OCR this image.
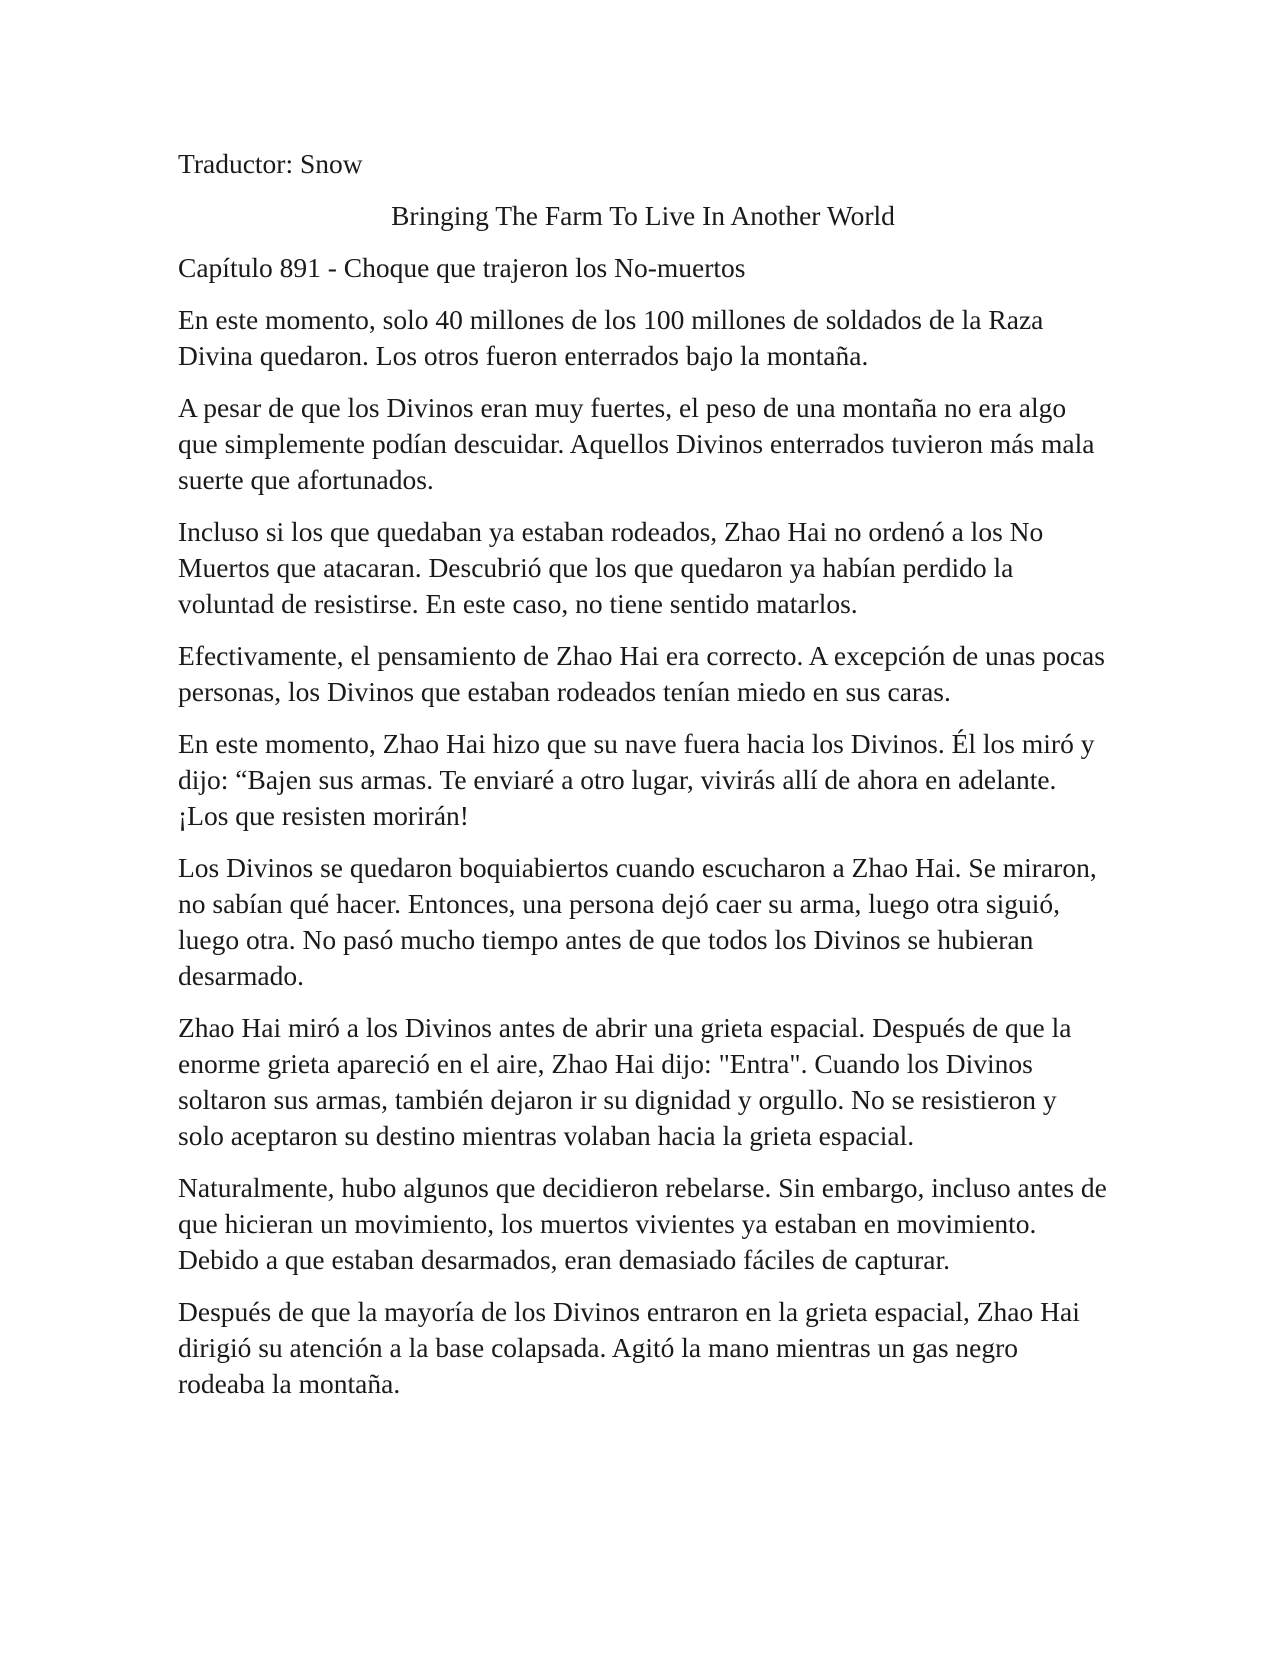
Traductor: Snow

Bringing The Farm To Live In Another World

Capítulo 891 - Choque que trajeron los No-muertos

En este momento, solo 40 millones de los 100 millones de soldados de la Raza Divina quedaron. Los otros fueron enterrados bajo la montaña.

A pesar de que los Divinos eran muy fuertes, el peso de una montaña no era algo que simplemente podían descuidar. Aquellos Divinos enterrados tuvieron más mala suerte que afortunados.

Incluso si los que quedaban ya estaban rodeados, Zhao Hai no ordenó a los No Muertos que atacaran. Descubrió que los que quedaron ya habían perdido la voluntad de resistirse. En este caso, no tiene sentido matarlos.

Efectivamente, el pensamiento de Zhao Hai era correcto. A excepción de unas pocas personas, los Divinos que estaban rodeados tenían miedo en sus caras.

En este momento, Zhao Hai hizo que su nave fuera hacia los Divinos. Él los miró y dijo: “Bajen sus armas. Te enviaré a otro lugar, vivirás allí de ahora en adelante. ¡Los que resisten morirán!

Los Divinos se quedaron boquiabiertos cuando escucharon a Zhao Hai. Se miraron, no sabían qué hacer. Entonces, una persona dejó caer su arma, luego otra siguió, luego otra. No pasó mucho tiempo antes de que todos los Divinos se hubieran desarmado.

Zhao Hai miró a los Divinos antes de abrir una grieta espacial. Después de que la enorme grieta apareció en el aire, Zhao Hai dijo: "Entra". Cuando los Divinos soltaron sus armas, también dejaron ir su dignidad y orgullo. No se resistieron y solo aceptaron su destino mientras volaban hacia la grieta espacial.

Naturalmente, hubo algunos que decidieron rebelarse. Sin embargo, incluso antes de que hicieran un movimiento, los muertos vivientes ya estaban en movimiento. Debido a que estaban desarmados, eran demasiado fáciles de capturar.

Después de que la mayoría de los Divinos entraron en la grieta espacial, Zhao Hai dirigió su atención a la base colapsada. Agitó la mano mientras un gas negro rodeaba la montaña.
